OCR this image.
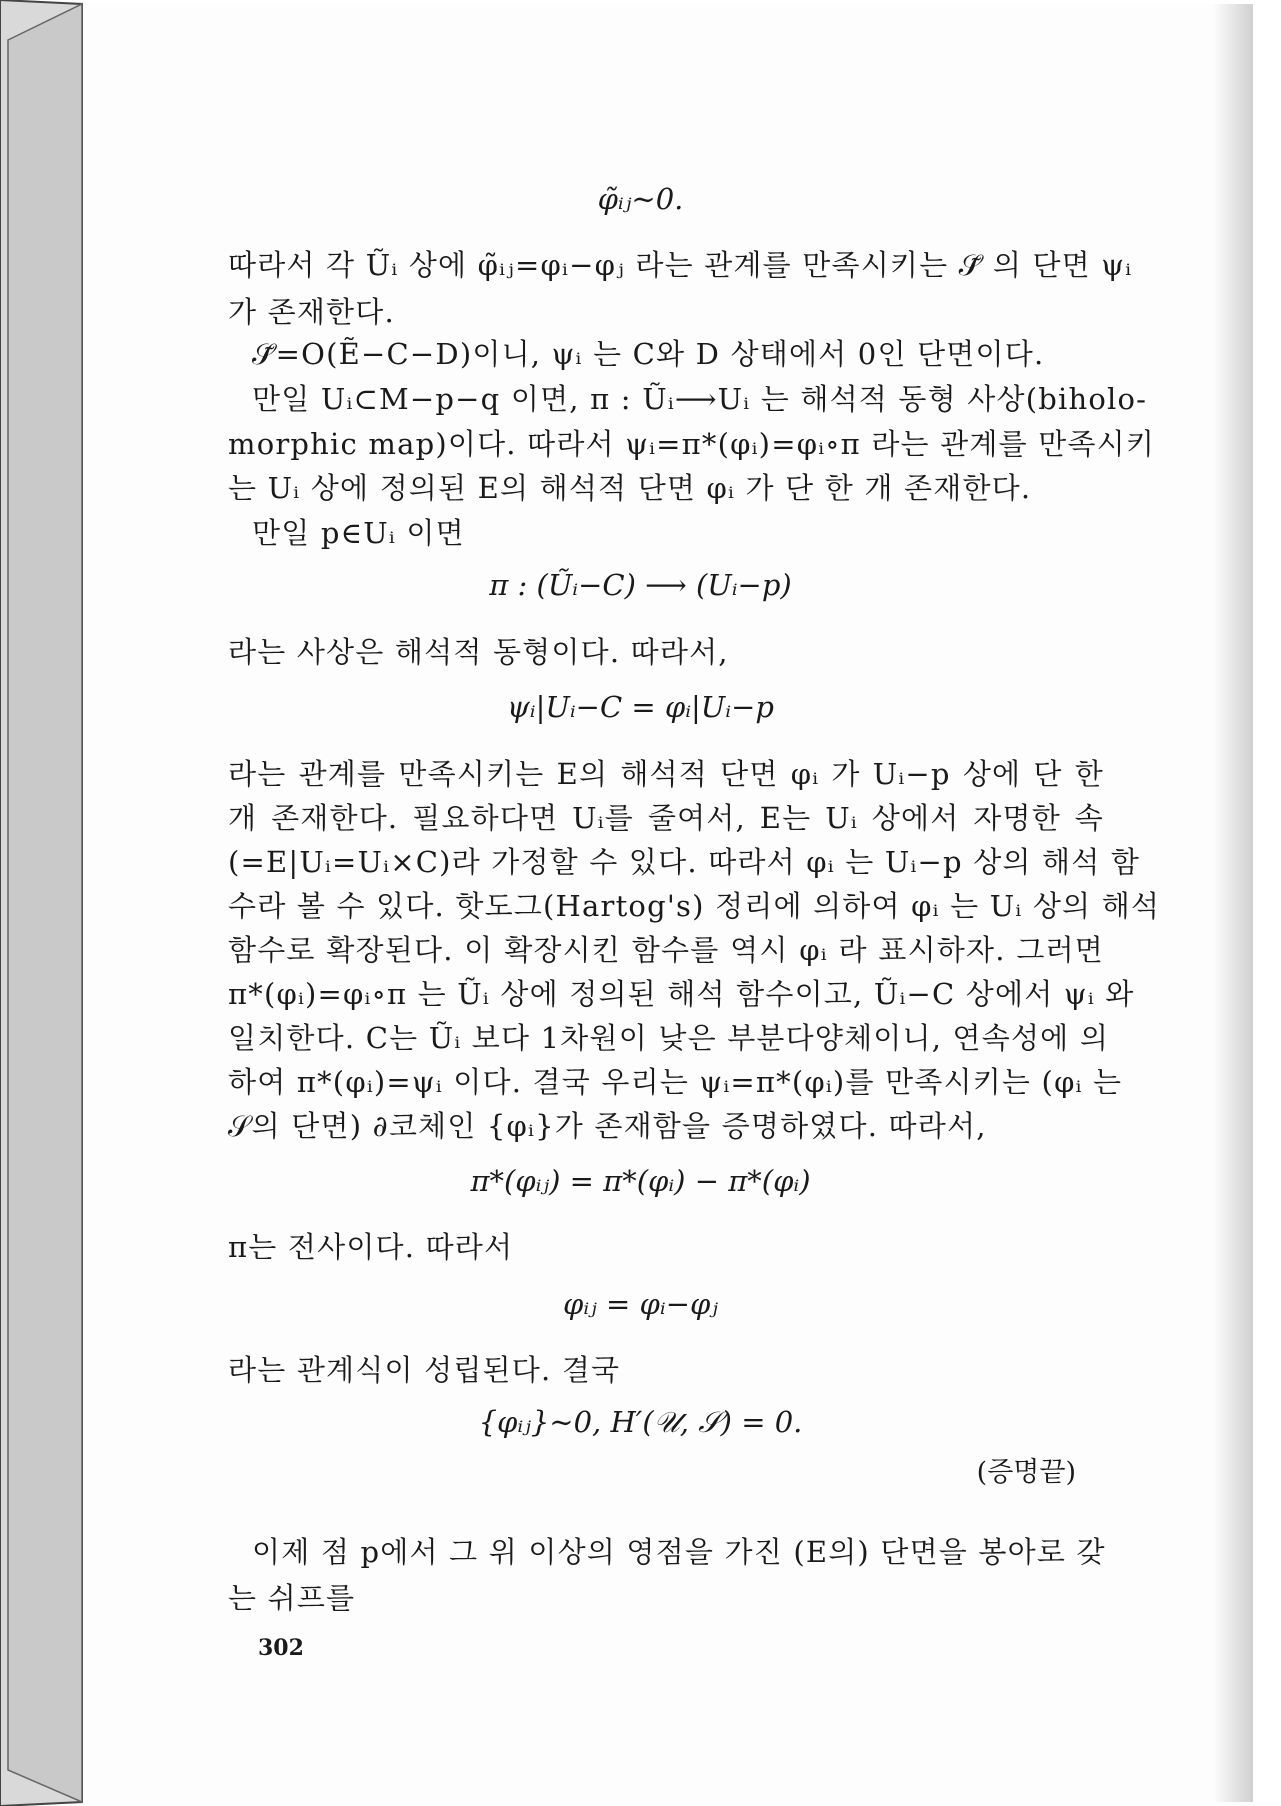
φ̃ᵢⱼ∼0.
따라서 각 Ũᵢ 상에 φ̃ᵢⱼ=φᵢ−φⱼ 라는 관계를 만족시키는 𝒮̃ 의 단면 ψᵢ
가 존재한다.
𝒮̃=O(Ẽ−C−D)이니, ψᵢ 는 C와 D 상태에서 0인 단면이다.
만일 Uᵢ⊂M−p−q 이면, π : Ũᵢ⟶Uᵢ 는 해석적 동형 사상(biholo-
morphic map)이다. 따라서 ψᵢ=π*(φᵢ)=φᵢ∘π 라는 관계를 만족시키
는 Uᵢ 상에 정의된 E의 해석적 단면 φᵢ 가 단 한 개 존재한다.
만일 p∈Uᵢ 이면
π : (Ũᵢ−C) ⟶ (Uᵢ−p)
라는 사상은 해석적 동형이다. 따라서,
ψᵢ|Uᵢ−C = φᵢ|Uᵢ−p
라는 관계를 만족시키는 E의 해석적 단면 φᵢ 가 Uᵢ−p 상에 단 한
개 존재한다. 필요하다면 Uᵢ를 줄여서, E는 Uᵢ 상에서 자명한 속
(=E|Uᵢ=Uᵢ×C)라 가정할 수 있다. 따라서 φᵢ 는 Uᵢ−p 상의 해석 함
수라 볼 수 있다. 핫도그(Hartog's) 정리에 의하여 φᵢ 는 Uᵢ 상의 해석
함수로 확장된다. 이 확장시킨 함수를 역시 φᵢ 라 표시하자. 그러면
π*(φᵢ)=φᵢ∘π 는 Ũᵢ 상에 정의된 해석 함수이고, Ũᵢ−C 상에서 ψᵢ 와
일치한다. C는 Ũᵢ 보다 1차원이 낮은 부분다양체이니, 연속성에 의
하여 π*(φᵢ)=ψᵢ 이다. 결국 우리는 ψᵢ=π*(φᵢ)를 만족시키는 (φᵢ 는
𝒮의 단면) ∂코체인 {φᵢ}가 존재함을 증명하였다. 따라서,
π*(φᵢⱼ) = π*(φᵢ) − π*(φᵢ)
π는 전사이다. 따라서
φᵢⱼ = φᵢ−φⱼ
라는 관계식이 성립된다. 결국
{φᵢⱼ}∼0, H′(𝒰, 𝒮) = 0.
(증명끝)
이제 점 p에서 그 위 이상의 영점을 가진 (E의) 단면을 봉아로 갖
는 쉬프를
302
